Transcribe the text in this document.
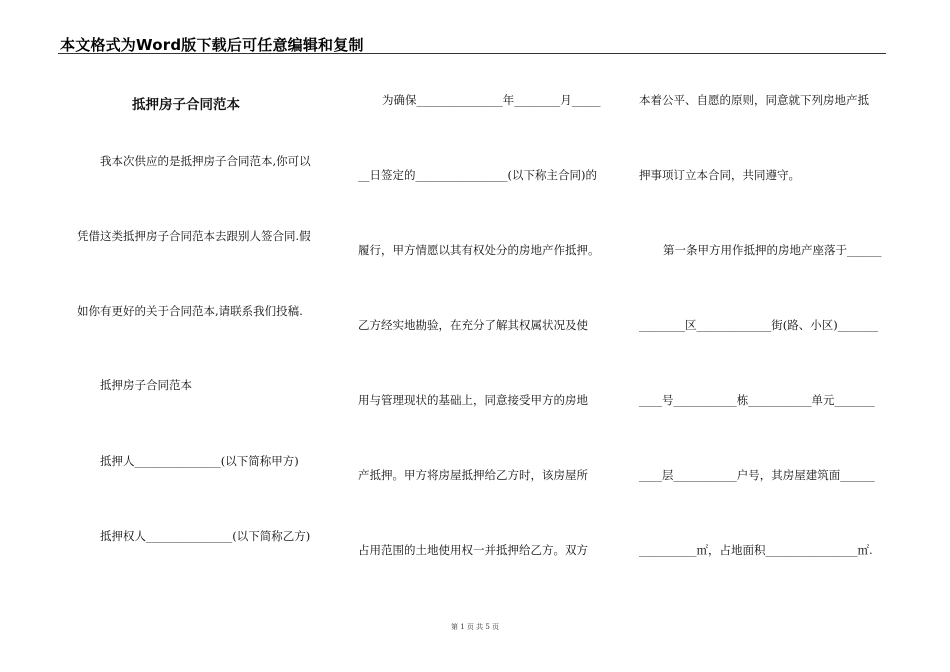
本文格式为Word版下载后可任意编辑和复制
抵押房子合同范本
我本次供应的是抵押房子合同范本,你可以
凭借这类抵押房子合同范本去跟别人签合同.假
如你有更好的关于合同范本,请联系我们投稿.
抵押房子合同范本
抵押人_______________(以下简称甲方)
抵押权人_______________(以下简称乙方)
为确保_______________年________月_____
__日签定的________________(以下称主合同)的
履行，甲方情愿以其有权处分的房地产作抵押。
乙方经实地勘验，在充分了解其权属状况及使
用与管理现状的基础上，同意接受甲方的房地
产抵押。甲方将房屋抵押给乙方时，该房屋所
占用范围的土地使用权一并抵押给乙方。双方
本着公平、自愿的原则，同意就下列房地产抵
押事项订立本合同，共同遵守。
第一条甲方用作抵押的房地产座落于______
________区_____________街(路、小区)_______
____号___________栋___________单元_______
____层___________户号，其房屋建筑面______
__________㎡，占地面积________________㎡.
第 1 页 共 5 页
